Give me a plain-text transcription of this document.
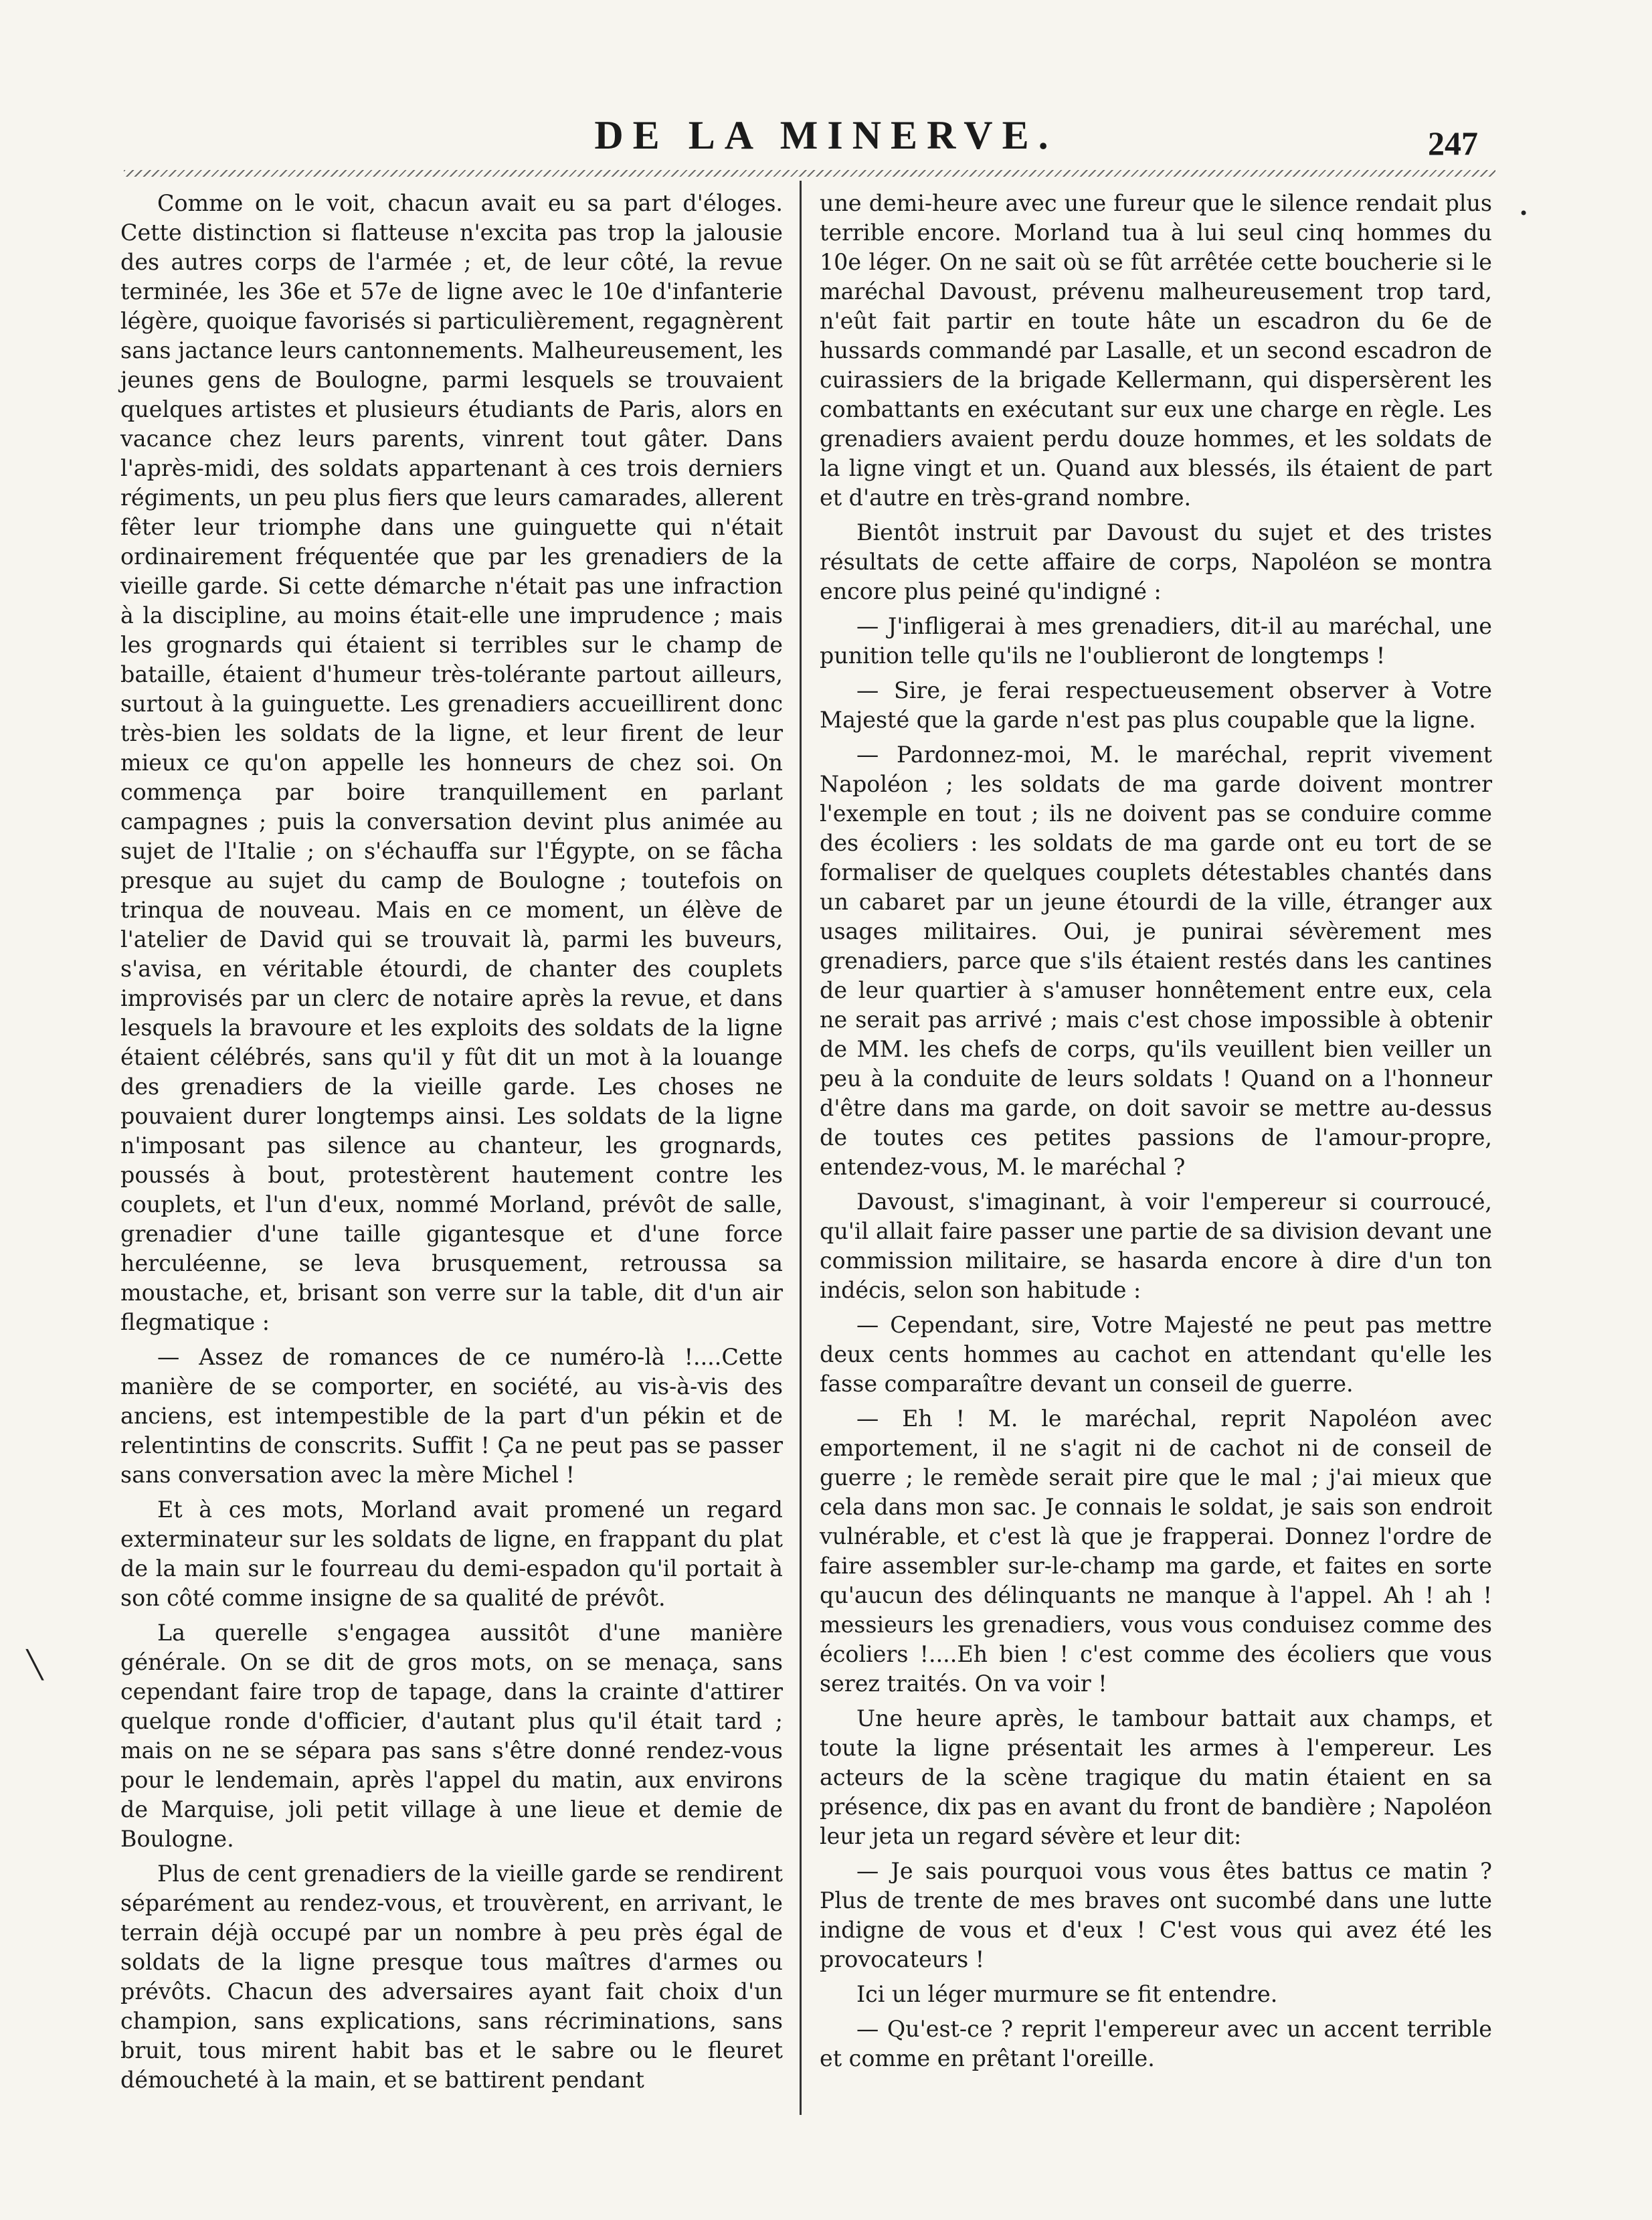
DE LA MINERVE.	247

Comme on le voit, chacun avait eu sa part d'éloges. Cette distinction si flatteuse n'excita pas trop la jalousie des autres corps de l'armée ; et, de leur côté, la revue terminée, les 36e et 57e de ligne avec le 10e d'infanterie légère, quoique favorisés si particulièrement, regagnèrent sans jactance leurs cantonnements. Malheureusement, les jeunes gens de Boulogne, parmi lesquels se trouvaient quelques artistes et plusieurs étudiants de Paris, alors en vacance chez leurs parents, vinrent tout gâter. Dans l'après-midi, des soldats appartenant à ces trois derniers régiments, un peu plus fiers que leurs camarades, allerent fêter leur triomphe dans une guinguette qui n'était ordinairement fréquentée que par les grenadiers de la vieille garde. Si cette démarche n'était pas une infraction à la discipline, au moins était-elle une imprudence ; mais les grognards qui étaient si terribles sur le champ de bataille, étaient d'humeur très-tolérante partout ailleurs, surtout à la guinguette. Les grenadiers accueillirent donc très-bien les soldats de la ligne, et leur firent de leur mieux ce qu'on appelle les honneurs de chez soi. On commença par boire tranquillement en parlant campagnes ; puis la conversation devint plus animée au sujet de l'Italie ; on s'échauffa sur l'Égypte, on se fâcha presque au sujet du camp de Boulogne ; toutefois on trinqua de nouveau. Mais en ce moment, un élève de l'atelier de David qui se trouvait là, parmi les buveurs, s'avisa, en véritable étourdi, de chanter des couplets improvisés par un clerc de notaire après la revue, et dans lesquels la bravoure et les exploits des soldats de la ligne étaient célébrés, sans qu'il y fût dit un mot à la louange des grenadiers de la vieille garde. Les choses ne pouvaient durer longtemps ainsi. Les soldats de la ligne n'imposant pas silence au chanteur, les grognards, poussés à bout, protestèrent hautement contre les couplets, et l'un d'eux, nommé Morland, prévôt de salle, grenadier d'une taille gigantesque et d'une force herculéenne, se leva brusquement, retroussa sa moustache, et, brisant son verre sur la table, dit d'un air flegmatique :

— Assez de romances de ce numéro-là !....Cette manière de se comporter, en société, au vis-à-vis des anciens, est intempestible de la part d'un pékin et de relentintins de conscrits. Suffit ! Ça ne peut pas se passer sans conversation avec la mère Michel !

Et à ces mots, Morland avait promené un regard exterminateur sur les soldats de ligne, en frappant du plat de la main sur le fourreau du demi-espadon qu'il portait à son côté comme insigne de sa qualité de prévôt.

La querelle s'engagea aussitôt d'une manière générale. On se dit de gros mots, on se menaça, sans cependant faire trop de tapage, dans la crainte d'attirer quelque ronde d'officier, d'autant plus qu'il était tard ; mais on ne se sépara pas sans s'être donné rendez-vous pour le lendemain, après l'appel du matin, aux environs de Marquise, joli petit village à une lieue et demie de Boulogne.

Plus de cent grenadiers de la vieille garde se rendirent séparément au rendez-vous, et trouvèrent, en arrivant, le terrain déjà occupé par un nombre à peu près égal de soldats de la ligne presque tous maîtres d'armes ou prévôts. Chacun des adversaires ayant fait choix d'un champion, sans explications, sans récriminations, sans bruit, tous mirent habit bas et le sabre ou le fleuret démoucheté à la main, et se battirent pendant

une demi-heure avec une fureur que le silence rendait plus terrible encore. Morland tua à lui seul cinq hommes du 10e léger. On ne sait où se fût arrêtée cette boucherie si le maréchal Davoust, prévenu malheureusement trop tard, n'eût fait partir en toute hâte un escadron du 6e de hussards commandé par Lasalle, et un second escadron de cuirassiers de la brigade Kellermann, qui dispersèrent les combattants en exécutant sur eux une charge en règle. Les grenadiers avaient perdu douze hommes, et les soldats de la ligne vingt et un. Quand aux blessés, ils étaient de part et d'autre en très-grand nombre.

Bientôt instruit par Davoust du sujet et des tristes résultats de cette affaire de corps, Napoléon se montra encore plus peiné qu'indigné :

— J'infligerai à mes grenadiers, dit-il au maréchal, une punition telle qu'ils ne l'oublieront de longtemps !

— Sire, je ferai respectueusement observer à Votre Majesté que la garde n'est pas plus coupable que la ligne.

— Pardonnez-moi, M. le maréchal, reprit vivement Napoléon ; les soldats de ma garde doivent montrer l'exemple en tout ; ils ne doivent pas se conduire comme des écoliers : les soldats de ma garde ont eu tort de se formaliser de quelques couplets détestables chantés dans un cabaret par un jeune étourdi de la ville, étranger aux usages militaires. Oui, je punirai sévèrement mes grenadiers, parce que s'ils étaient restés dans les cantines de leur quartier à s'amuser honnêtement entre eux, cela ne serait pas arrivé ; mais c'est chose impossible à obtenir de MM. les chefs de corps, qu'ils veuillent bien veiller un peu à la conduite de leurs soldats ! Quand on a l'honneur d'être dans ma garde, on doit savoir se mettre au-dessus de toutes ces petites passions de l'amour-propre, entendez-vous, M. le maréchal ?

Davoust, s'imaginant, à voir l'empereur si courroucé, qu'il allait faire passer une partie de sa division devant une commission militaire, se hasarda encore à dire d'un ton indécis, selon son habitude :

— Cependant, sire, Votre Majesté ne peut pas mettre deux cents hommes au cachot en attendant qu'elle les fasse comparaître devant un conseil de guerre.

— Eh ! M. le maréchal, reprit Napoléon avec emportement, il ne s'agit ni de cachot ni de conseil de guerre ; le remède serait pire que le mal ; j'ai mieux que cela dans mon sac. Je connais le soldat, je sais son endroit vulnérable, et c'est là que je frapperai. Donnez l'ordre de faire assembler sur-le-champ ma garde, et faites en sorte qu'aucun des délinquants ne manque à l'appel. Ah ! ah ! messieurs les grenadiers, vous vous conduisez comme des écoliers !....Eh bien ! c'est comme des écoliers que vous serez traités. On va voir !

Une heure après, le tambour battait aux champs, et toute la ligne présentait les armes à l'empereur. Les acteurs de la scène tragique du matin étaient en sa présence, dix pas en avant du front de bandière ; Napoléon leur jeta un regard sévère et leur dit:

— Je sais pourquoi vous vous êtes battus ce matin ? Plus de trente de mes braves ont sucombé dans une lutte indigne de vous et d'eux ! C'est vous qui avez été les provocateurs !

Ici un léger murmure se fit entendre.

— Qu'est-ce ? reprit l'empereur avec un accent terrible et comme en prêtant l'oreille.

╲
•
